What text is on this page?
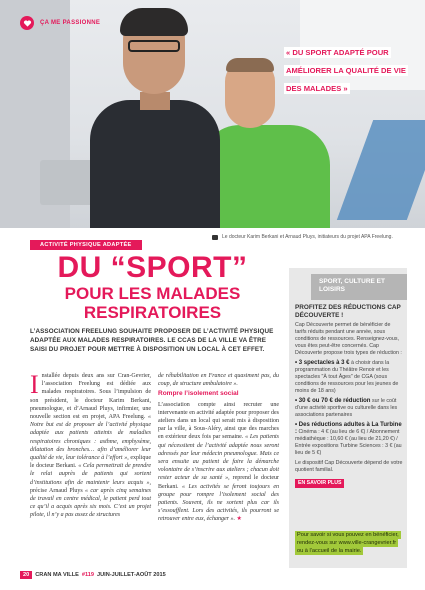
ÇA ME PASSIONNE
« DU SPORT ADAPTÉ POUR AMÉLIORER LA QUALITÉ DE VIE DES MALADES »
Le docteur Karim Berkani et Arnaud Pluys, initiateurs du projet APA Freelung.
ACTIVITÉ PHYSIQUE ADAPTÉE
DU “SPORT”
POUR LES MALADES
RESPIRATOIRES
L’ASSOCIATION FREELUNG SOUHAITE PROPOSER DE L’ACTIVITÉ PHYSIQUE ADAPTÉE AUX MALADES RESPIRATOIRES. LE CCAS DE LA VILLE VA ÊTRE SAISI DU PROJET POUR METTRE À DISPOSITION UN LOCAL À CET EFFET.
I nstallée depuis deux ans sur Cran-Gevrier, l’association Freelung est dédiée aux malades respiratoires. Sous l’impulsion de son président, le docteur Karim Berkani, pneumologue, et d’Arnaud Pluys, infirmier, une nouvelle section est en projet, APA Freelung. « Notre but est de proposer de l’activité physique adaptée aux patients atteints de maladies respiratoires chroniques : asthme, emphysème, dilatation des bronches… afin d’améliorer leur qualité de vie, leur tolérance à l’effort », explique le docteur Berkani. « Cela permettrait de prendre le relai auprès de patients qui sortent d’institutions afin de maintenir leurs acquis », précise Arnaud Pluys « car après cinq semaines de travail en centre médical, le patient perd tout ce qu’il a acquis après six mois. C’est un projet pilote, il n’y a pas assez de structures
de réhabilitation en France et quasiment pas, du coup, de structure ambulatoire ».
Rompre l’isolement social
L’association compte ainsi recruter une intervenante en activité adaptée pour proposer des ateliers dans un local qui serait mis à disposition par la ville, à Sous-Aléry, ainsi que des marches en extérieur deux fois par semaine. « Les patients qui nécessitent de l’activité adaptée nous seront adressés par leur médecin pneumologue. Mais ce sera ensuite au patient de faire la démarche volontaire de s’inscrire aux ateliers ; chacun doit rester acteur de sa santé », reprend le docteur Berkani. « Les activités se feront toujours en groupe pour rompre l’isolement social des patients. Souvent, ils ne sortent plus car ils s’essoufflent. Lors des activités, ils pourront se retrouver entre eux, échanger ». ★
SPORT, CULTURE ET LOISIRS
PROFITEZ DES RÉDUCTIONS CAP DÉCOUVERTE !

Cap Découverte permet de bénéficier de tarifs réduits pendant une année, sous conditions de ressources. Renseignez-vous, vous êtes peut-être concernés. Cap Découverte propose trois types de réduction :

• 3 spectacles à 3 € à choisir dans la programmation du Théâtre Renoir et les spectacles "À tout Âges" de CGA (sous conditions de ressources pour les jeunes de moins de 18 ans)

• 30 € ou 70 € de réduction sur le coût d’une activité sportive ou culturelle dans les associations partenaires

• Des réductions adultes à La Turbine : Cinéma : 4 € (au lieu de 6 €) / Abonnement médiathèque : 10,60 € (au lieu de 21,20 €) / Entrée expositions Turbine Sciences : 3 € (au lieu de 5 €)

Le dispositif Cap Découverte dépend de votre quotient familial.

EN SAVOIR PLUS
Pour savoir si vous pouvez en bénéficier, rendez-vous sur www.ville-crangevrier.fr ou à l’accueil de la mairie.
20	CRAN MA VILLE #119 JUIN-JUILLET-AOÛT 2015
